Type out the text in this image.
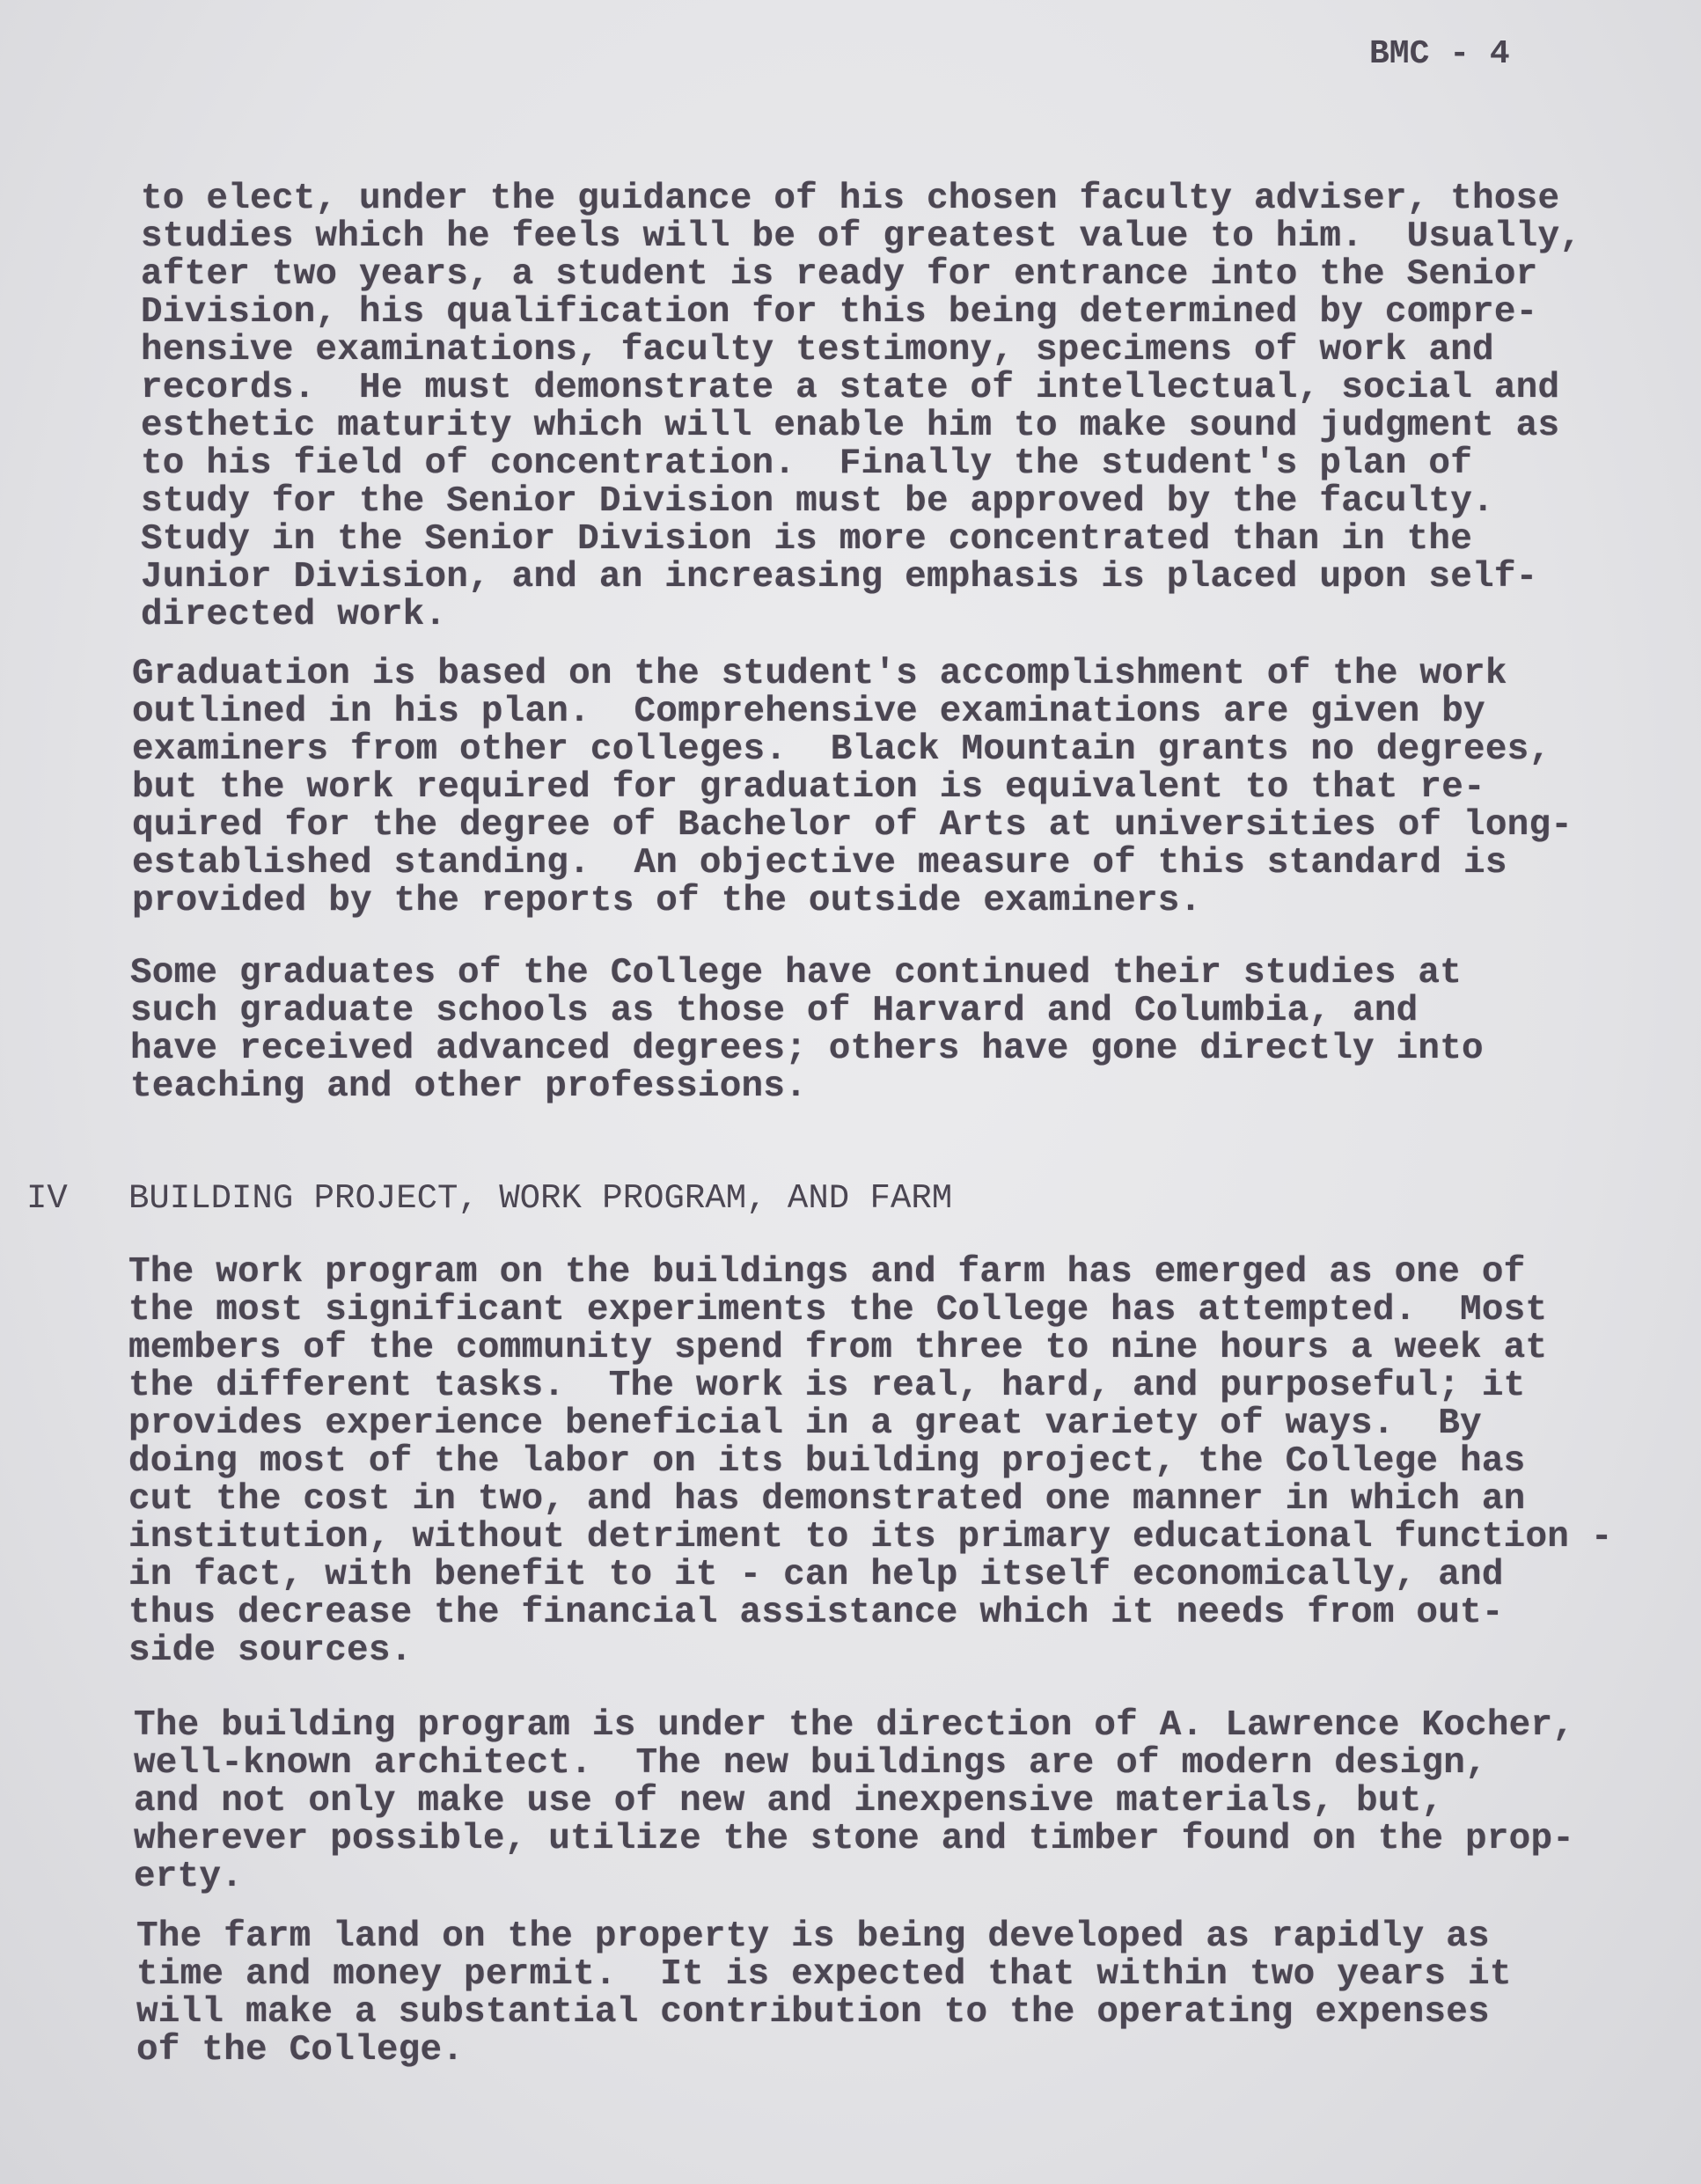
BMC - 4
to elect, under the guidance of his chosen faculty adviser, those
studies which he feels will be of greatest value to him.  Usually,
after two years, a student is ready for entrance into the Senior
Division, his qualification for this being determined by compre-
hensive examinations, faculty testimony, specimens of work and
records.  He must demonstrate a state of intellectual, social and
esthetic maturity which will enable him to make sound judgment as
to his field of concentration.  Finally the student's plan of
study for the Senior Division must be approved by the faculty.
Study in the Senior Division is more concentrated than in the
Junior Division, and an increasing emphasis is placed upon self-
directed work.
Graduation is based on the student's accomplishment of the work
outlined in his plan.  Comprehensive examinations are given by
examiners from other colleges.  Black Mountain grants no degrees,
but the work required for graduation is equivalent to that re-
quired for the degree of Bachelor of Arts at universities of long-
established standing.  An objective measure of this standard is
provided by the reports of the outside examiners.
Some graduates of the College have continued their studies at
such graduate schools as those of Harvard and Columbia, and
have received advanced degrees; others have gone directly into
teaching and other professions.
IV BUILDING PROJECT, WORK PROGRAM, AND FARM
The work program on the buildings and farm has emerged as one of
the most significant experiments the College has attempted.  Most
members of the community spend from three to nine hours a week at
the different tasks.  The work is real, hard, and purposeful; it
provides experience beneficial in a great variety of ways.  By
doing most of the labor on its building project, the College has
cut the cost in two, and has demonstrated one manner in which an
institution, without detriment to its primary educational function -
in fact, with benefit to it - can help itself economically, and
thus decrease the financial assistance which it needs from out-
side sources.
The building program is under the direction of A. Lawrence Kocher,
well-known architect.  The new buildings are of modern design,
and not only make use of new and inexpensive materials, but,
wherever possible, utilize the stone and timber found on the prop-
erty.
The farm land on the property is being developed as rapidly as
time and money permit.  It is expected that within two years it
will make a substantial contribution to the operating expenses
of the College.
